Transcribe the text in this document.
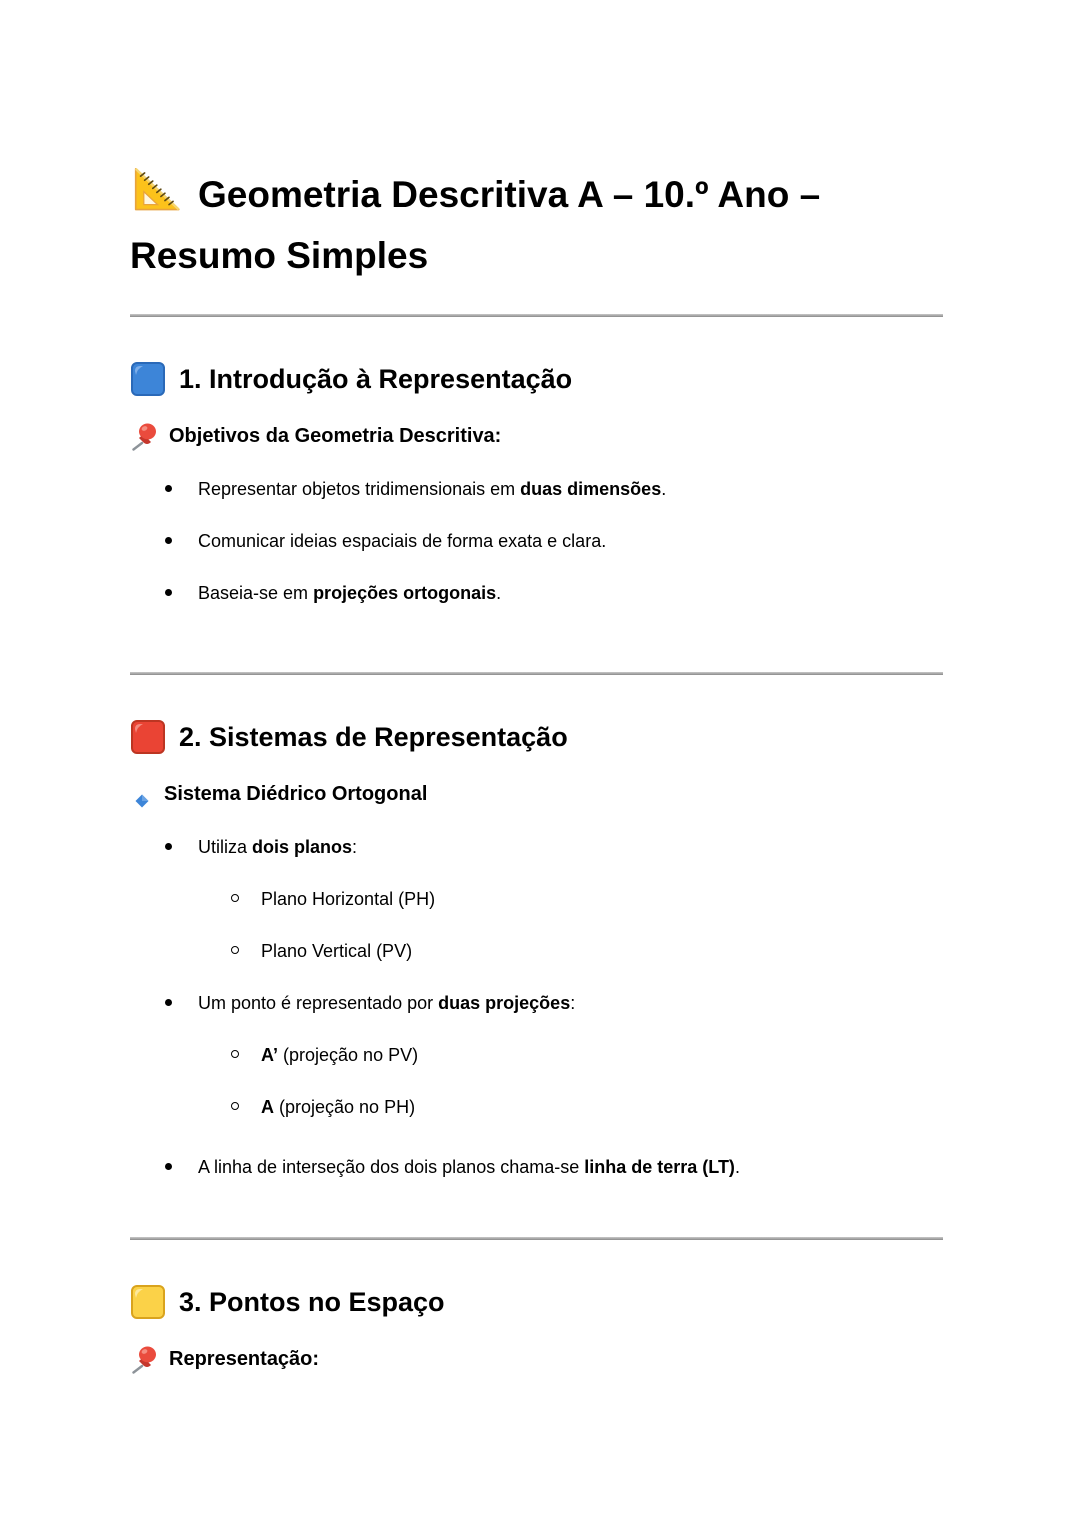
Geometria Descritiva A – 10.º Ano –
Resumo Simples
1. Introdução à Representação
Objetivos da Geometria Descritiva:
Representar objetos tridimensionais em duas dimensões.
Comunicar ideias espaciais de forma exata e clara.
Baseia-se em projeções ortogonais.
2. Sistemas de Representação
Sistema Diédrico Ortogonal
Utiliza dois planos:
Plano Horizontal (PH)
Plano Vertical (PV)
Um ponto é representado por duas projeções:
A’ (projeção no PV)
A (projeção no PH)
A linha de interseção dos dois planos chama-se linha de terra (LT).
3. Pontos no Espaço
Representação:
